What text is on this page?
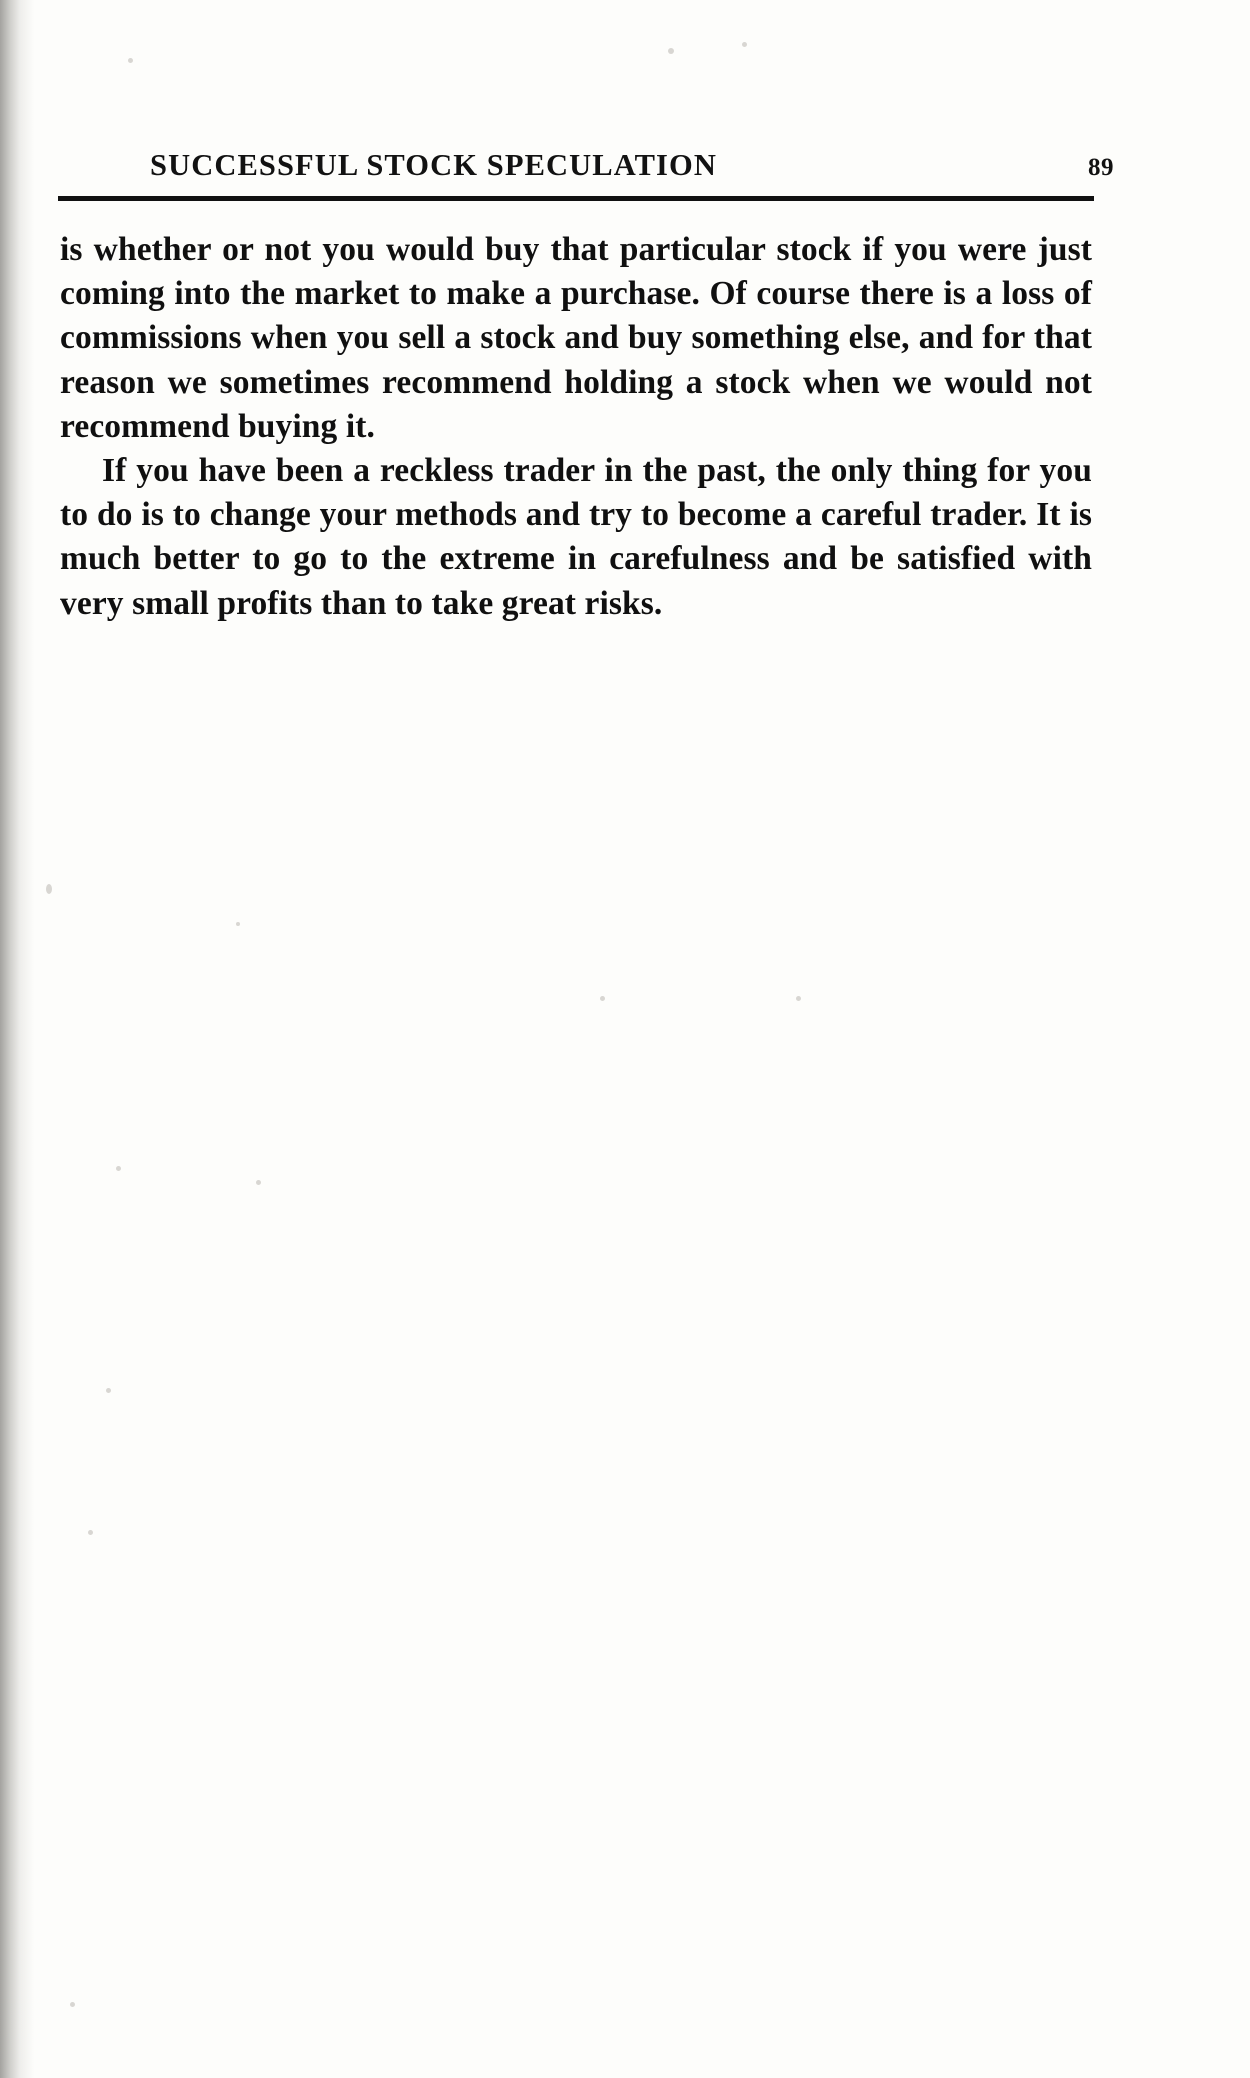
SUCCESSFUL STOCK SPECULATION	89

is whether or not you would buy that particular stock if you were just coming into the market to make a purchase. Of course there is a loss of commissions when you sell a stock and buy something else, and for that reason we sometimes recommend holding a stock when we would not recommend buying it.

If you have been a reckless trader in the past, the only thing for you to do is to change your methods and try to become a careful trader. It is much better to go to the extreme in carefulness and be satisfied with very small profits than to take great risks.
